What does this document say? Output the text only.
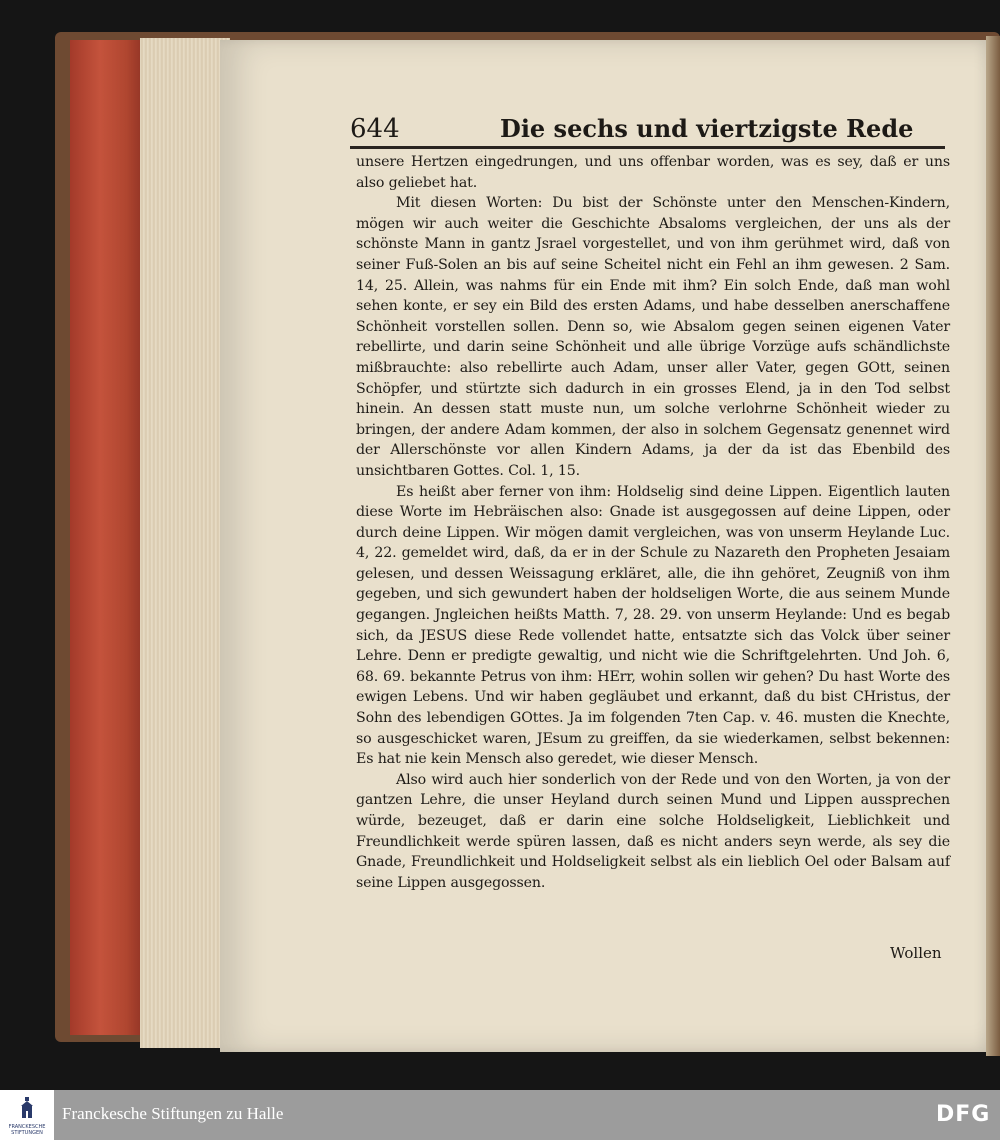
644	Die sechs und viertzigste Rede

unsere Hertzen eingedrungen, und uns offenbar worden, was es sey, daß er uns also geliebet hat.

Mit diesen Worten: Du bist der Schönste unter den Menschen-Kindern, mögen wir auch weiter die Geschichte Absaloms vergleichen, der uns als der schönste Mann in gantz Jsrael vorgestellet, und von ihm gerühmet wird, daß von seiner Fuß-Solen an bis auf seine Scheitel nicht ein Fehl an ihm gewesen. 2 Sam. 14, 25. Allein, was nahms für ein Ende mit ihm? Ein solch Ende, daß man wohl sehen konte, er sey ein Bild des ersten Adams, und habe desselben anerschaffene Schönheit vorstellen sollen. Denn so, wie Absalom gegen seinen eigenen Vater rebellirte, und darin seine Schönheit und alle übrige Vorzüge aufs schändlichste mißbrauchte: also rebellirte auch Adam, unser aller Vater, gegen GOtt, seinen Schöpfer, und stürtzte sich dadurch in ein grosses Elend, ja in den Tod selbst hinein. An dessen statt muste nun, um solche verlohrne Schönheit wieder zu bringen, der andere Adam kommen, der also in solchem Gegensatz genennet wird der Allerschönste vor allen Kindern Adams, ja der da ist das Ebenbild des unsichtbaren Gottes. Col. 1, 15.

Es heißt aber ferner von ihm: Holdselig sind deine Lippen. Eigentlich lauten diese Worte im Hebräischen also: Gnade ist ausgegossen auf deine Lippen, oder durch deine Lippen. Wir mögen damit vergleichen, was von unserm Heylande Luc. 4, 22. gemeldet wird, daß, da er in der Schule zu Nazareth den Propheten Jesaiam gelesen, und dessen Weissagung erkläret, alle, die ihn gehöret, Zeugniß von ihm gegeben, und sich gewundert haben der holdseligen Worte, die aus seinem Munde gegangen. Jngleichen heißts Matth. 7, 28. 29. von unserm Heylande: Und es begab sich, da JESUS diese Rede vollendet hatte, entsatzte sich das Volck über seiner Lehre. Denn er predigte gewaltig, und nicht wie die Schriftgelehrten. Und Joh. 6, 68. 69. bekannte Petrus von ihm: HErr, wohin sollen wir gehen? Du hast Worte des ewigen Lebens. Und wir haben gegläubet und erkannt, daß du bist CHristus, der Sohn des lebendigen GOttes. Ja im folgenden 7ten Cap. v. 46. musten die Knechte, so ausgeschicket waren, JEsum zu greiffen, da sie wiederkamen, selbst bekennen: Es hat nie kein Mensch also geredet, wie dieser Mensch.

Also wird auch hier sonderlich von der Rede und von den Worten, ja von der gantzen Lehre, die unser Heyland durch seinen Mund und Lippen aussprechen würde, bezeuget, daß er darin eine solche Holdseligkeit, Lieblichkeit und Freundlichkeit werde spüren lassen, daß es nicht anders seyn werde, als sey die Gnade, Freundlichkeit und Holdseligkeit selbst als ein lieblich Oel oder Balsam auf seine Lippen ausgegossen.

Wollen
FRANCKESCHE STIFTUNGEN
Franckesche Stiftungen zu Halle	DFG
